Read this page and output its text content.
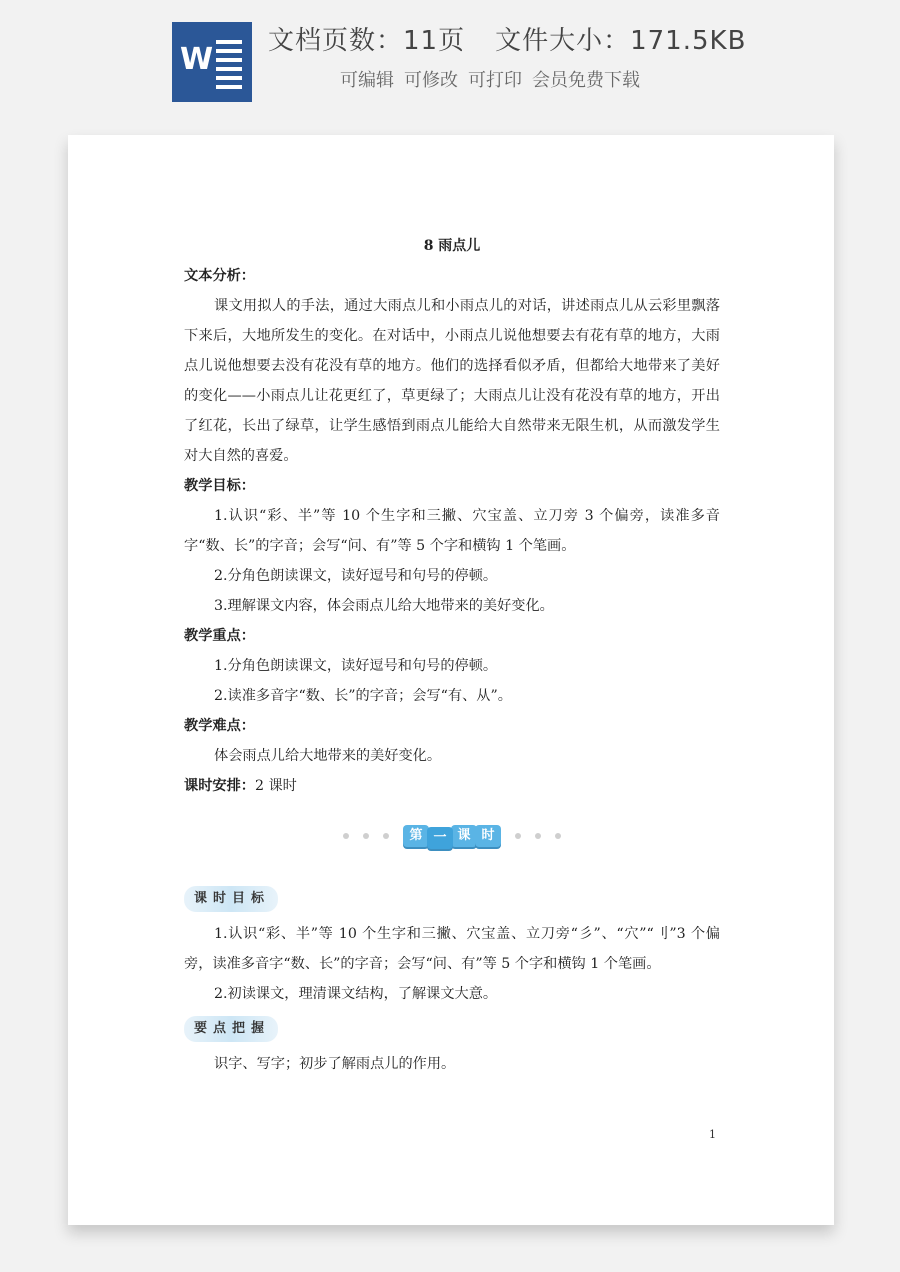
W
文档页数：11页 文件大小：171.5KB
可编辑 可修改 可打印 会员免费下载

8 雨点儿

文本分析：

课文用拟人的手法，通过大雨点儿和小雨点儿的对话，讲述雨点儿从云彩里飘落下来后，大地所发生的变化。在对话中，小雨点儿说他想要去有花有草的地方，大雨点儿说他想要去没有花没有草的地方。他们的选择看似矛盾，但都给大地带来了美好的变化——小雨点儿让花更红了，草更绿了；大雨点儿让没有花没有草的地方，开出了红花，长出了绿草，让学生感悟到雨点儿能给大自然带来无限生机，从而激发学生对大自然的喜爱。

教学目标：

1.认识“彩、半”等 10 个生字和三撇、穴宝盖、立刀旁 3 个偏旁，读准多音字“数、长”的字音；会写“问、有”等 5 个字和横钩 1 个笔画。

2.分角色朗读课文，读好逗号和句号的停顿。

3.理解课文内容，体会雨点儿给大地带来的美好变化。

教学重点：

1.分角色朗读课文，读好逗号和句号的停顿。

2.读准多音字“数、长”的字音；会写“有、从”。

教学难点：

体会雨点儿给大地带来的美好变化。

课时安排：2 课时

第 一 课 时
课时目标

1.认识“彩、半”等 10 个生字和三撇、穴宝盖、立刀旁“彡”、“穴”“刂”3 个偏旁，读准多音字“数、长”的字音；会写“问、有”等 5 个字和横钩 1 个笔画。

2.初读课文，理清课文结构，了解课文大意。

要点把握

识字、写字；初步了解雨点儿的作用。

1
